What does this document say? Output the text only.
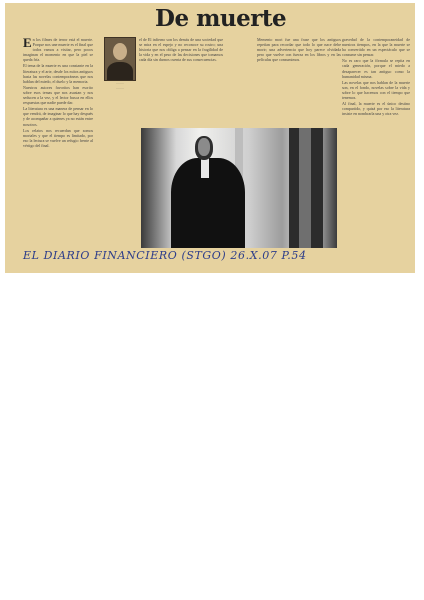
De muerte
E n los filmes de terror está el muerte. Porque nos une muerte es el final que todos vamos a visitar, pero pocos imaginan el momento en que la piel se queda fría.

El tema de la muerte es una constante en la literatura y el arte, desde los mitos antiguos hasta las novelas contemporáneas que nos hablan del miedo, el duelo y la memoria.

Nuestros autores favoritos han escrito sobre esos temas que nos asustan y nos seducen a la vez, y el lector busca en ellos respuestas que nadie puede dar.

La literatura es una manera de pensar en lo que vendrá, de imaginar lo que hay después y de acompañar a quienes ya no están entre nosotros.

Los relatos nos recuerdan que somos mortales y que el tiempo es limitado, por eso la lectura se vuelve un refugio frente al vértigo del final.

. . . .
. . . .

el de El infierno son los demás de una sociedad que se mira en el espejo y no reconoce su rostro; una historia que nos obliga a pensar en la fragilidad de la vida y en el peso de las decisiones que tomamos cada día sin darnos cuenta de sus consecuencias.

Memento mori fue una frase que los antiguos repetían para recordar que todo lo que nace debe morir; una advertencia que hoy parece olvidada pero que vuelve con fuerza en los libros y en las películas que consumimos.

gravedad de la contemporaneidad de nuestros tiempos, en la que la muerte se ha convertido en un espectáculo que se consume sin pensar.

No es raro que la fórmula se repita en cada generación, porque el miedo a desaparecer es tan antiguo como la humanidad misma.

Las novelas que nos hablan de la muerte son, en el fondo, novelas sobre la vida y sobre lo que hacemos con el tiempo que tenemos.

Al final, la muerte es el único destino compartido, y quizá por eso la literatura insiste en nombrarla una y otra vez.

EL DIARIO FINANCIERO (STGO) 26.X.07 P.54
